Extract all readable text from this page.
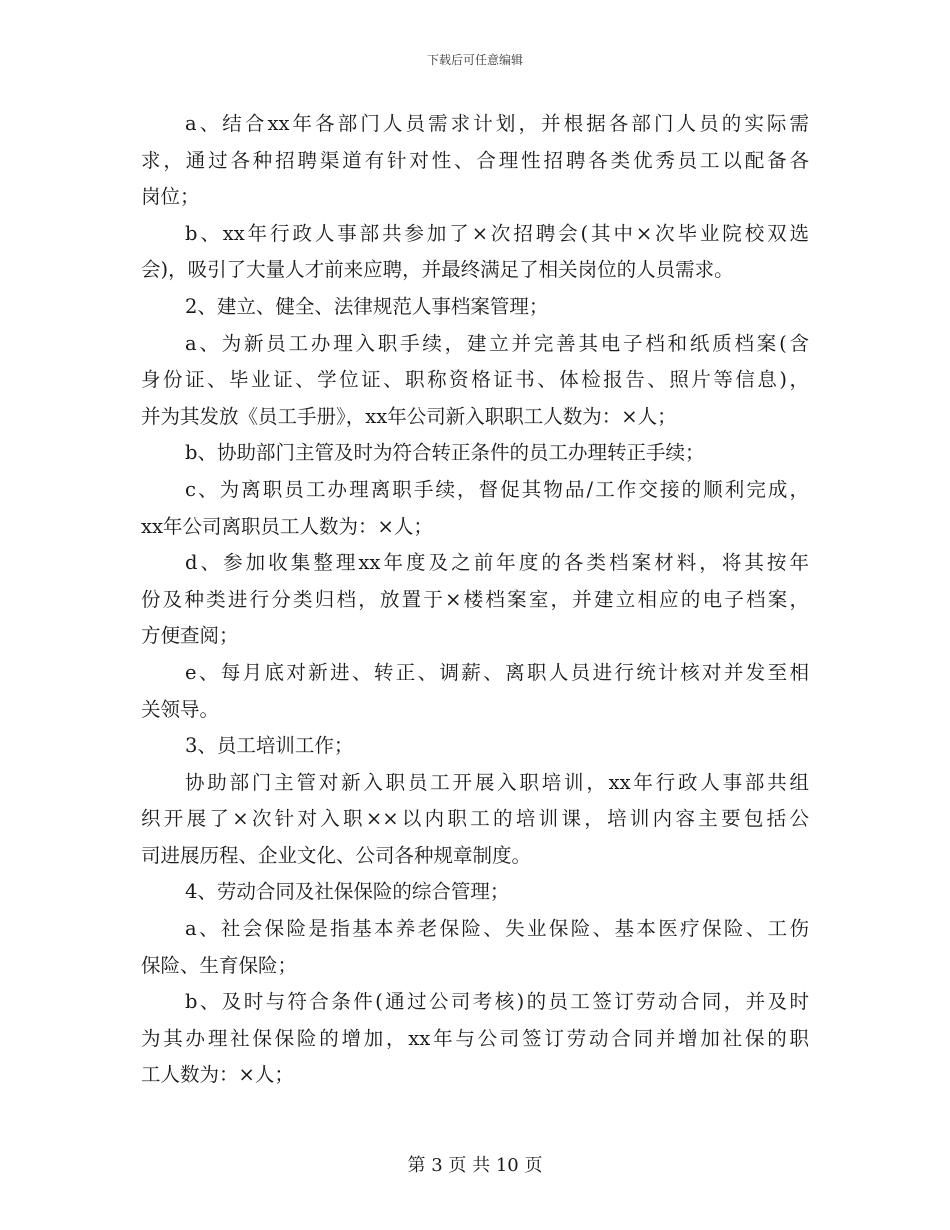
下载后可任意编辑
a、结合xx年各部门人员需求计划，并根据各部门人员的实际需
求，通过各种招聘渠道有针对性、合理性招聘各类优秀员工以配备各
岗位；
b、xx年行政人事部共参加了×次招聘会(其中×次毕业院校双选
会)，吸引了大量人才前来应聘，并最终满足了相关岗位的人员需求。
2、建立、健全、法律规范人事档案管理；
a、为新员工办理入职手续，建立并完善其电子档和纸质档案(含
身份证、毕业证、学位证、职称资格证书、体检报告、照片等信息)，
并为其发放《员工手册》，xx年公司新入职职工人数为：×人；
b、协助部门主管及时为符合转正条件的员工办理转正手续；
c、为离职员工办理离职手续，督促其物品/工作交接的顺利完成，
xx年公司离职员工人数为：×人；
d、参加收集整理xx年度及之前年度的各类档案材料，将其按年
份及种类进行分类归档，放置于×楼档案室，并建立相应的电子档案，
方便查阅；
e、每月底对新进、转正、调薪、离职人员进行统计核对并发至相
关领导。
3、员工培训工作；
协助部门主管对新入职员工开展入职培训，xx年行政人事部共组
织开展了×次针对入职××以内职工的培训课，培训内容主要包括公
司进展历程、企业文化、公司各种规章制度。
4、劳动合同及社保保险的综合管理；
a、社会保险是指基本养老保险、失业保险、基本医疗保险、工伤
保险、生育保险；
b、及时与符合条件(通过公司考核)的员工签订劳动合同，并及时
为其办理社保保险的增加，xx年与公司签订劳动合同并增加社保的职
工人数为：×人；
第 3 页 共 10 页
